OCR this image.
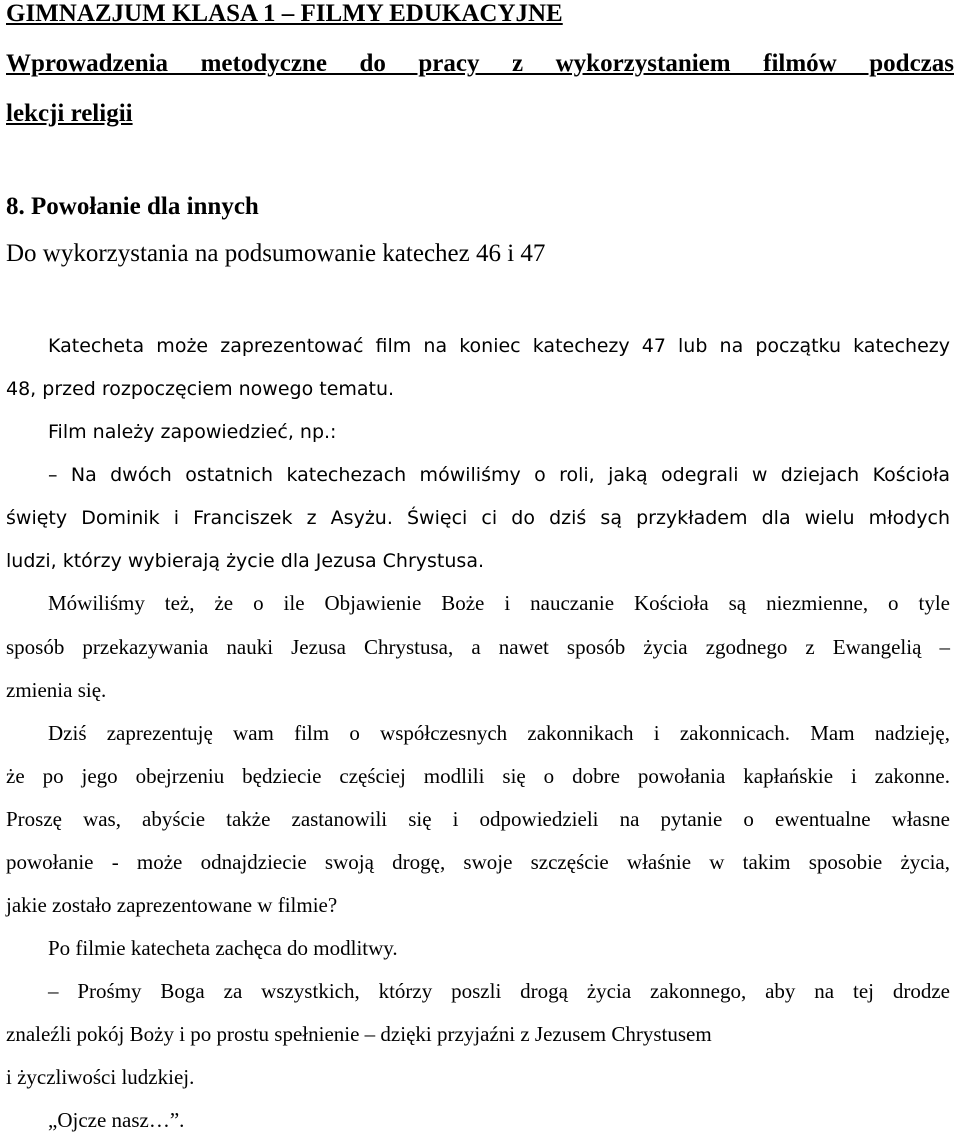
GIMNAZJUM KLASA 1 – FILMY EDUKACYJNE
Wprowadzenia metodyczne do pracy z wykorzystaniem filmów podczas
lekcji religii
8. Powołanie dla innych
Do wykorzystania na podsumowanie katechez 46 i 47

Katecheta może zaprezentować film na koniec katechezy 47 lub na początku katechezy

48, przed rozpoczęciem nowego tematu.

Film należy zapowiedzieć, np.:

– Na dwóch ostatnich katechezach mówiliśmy o roli, jaką odegrali w dziejach Kościoła

święty Dominik i Franciszek z Asyżu. Święci ci do dziś są przykładem dla wielu młodych

ludzi, którzy wybierają życie dla Jezusa Chrystusa.

Mówiliśmy też, że o ile Objawienie Boże i nauczanie Kościoła są niezmienne, o tyle

sposób przekazywania nauki Jezusa Chrystusa, a nawet sposób życia zgodnego z Ewangelią –

zmienia się.

Dziś zaprezentuję wam film o współczesnych zakonnikach i zakonnicach. Mam nadzieję,

że po jego obejrzeniu będziecie częściej modlili się o dobre powołania kapłańskie i zakonne.

Proszę was, abyście także zastanowili się i odpowiedzieli na pytanie o ewentualne własne

powołanie - może odnajdziecie swoją drogę, swoje szczęście właśnie w takim sposobie życia,

jakie zostało zaprezentowane w filmie?

Po filmie katecheta zachęca do modlitwy.

– Prośmy Boga za wszystkich, którzy poszli drogą życia zakonnego, aby na tej drodze

znaleźli pokój Boży i po prostu spełnienie – dzięki przyjaźni z Jezusem Chrystusem

i życzliwości ludzkiej.

„Ojcze nasz…”.
